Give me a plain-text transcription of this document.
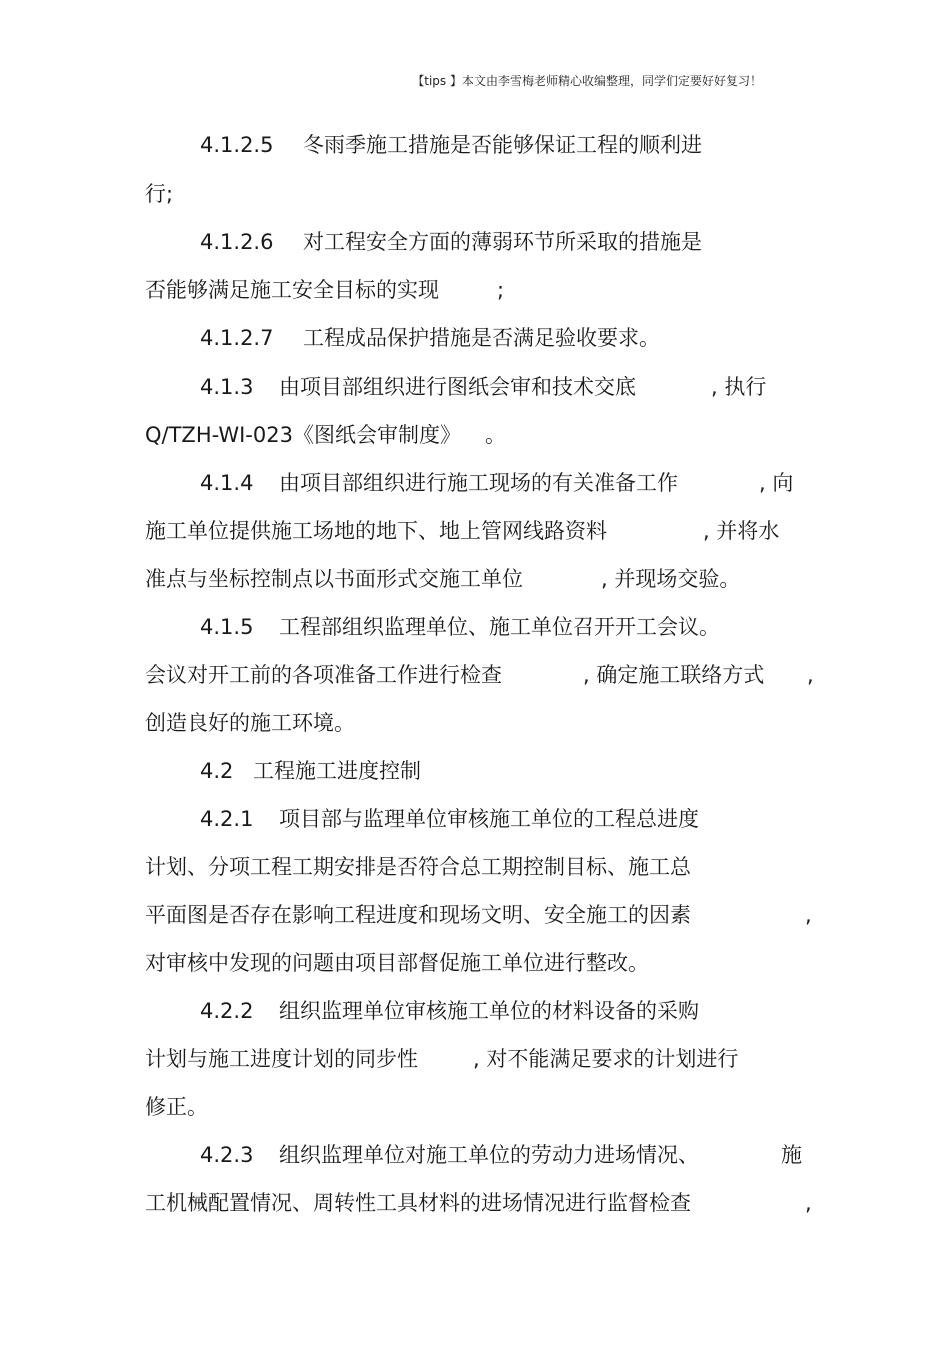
【tips 】本文由李雪梅老师精心收编整理，同学们定要好好复习！
4.1.2.5 冬雨季施工措施是否能够保证工程的顺利进
行;
4.1.2.6 对工程安全方面的薄弱环节所采取的措施是
否能够满足施工安全目标的实现	;
4.1.2.7 工程成品保护措施是否满足验收要求。
4.1.3 由项目部组织进行图纸会审和技术交底	, 执行
Q/TZH-WI-023《图纸会审制度》 。
4.1.4 由项目部组织进行施工现场的有关准备工作	, 向
施工单位提供施工场地的地下、地上管网线路资料	, 并将水
准点与坐标控制点以书面形式交施工单位	, 并现场交验。
4.1.5 工程部组织监理单位、施工单位召开开工会议。
会议对开工前的各项准备工作进行检查	, 确定施工联络方式 ,
创造良好的施工环境。
4.2 工程施工进度控制
4.2.1 项目部与监理单位审核施工单位的工程总进度
计划、分项工程工期安排是否符合总工期控制目标、施工总
平面图是否存在影响工程进度和现场文明、安全施工的因素	,
对审核中发现的问题由项目部督促施工单位进行整改。
4.2.2 组织监理单位审核施工单位的材料设备的采购
计划与施工进度计划的同步性	, 对不能满足要求的计划进行
修正。
4.2.3 组织监理单位对施工单位的劳动力进场情况、	施
工机械配置情况、周转性工具材料的进场情况进行监督检查	,
